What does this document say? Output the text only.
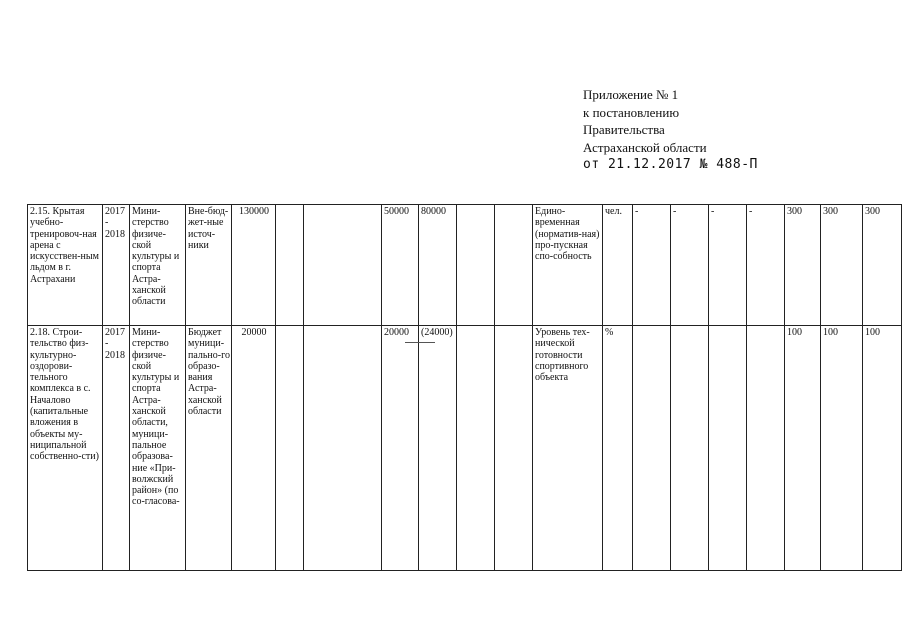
Приложение № 1
к постановлению
Правительства
Астраханской области
от 21.12.2017 № 488-П
2.15. Крытая учебно-тренировоч-ная арена с искусствен-ным льдом в г. Астрахани	2017 - 2018	Мини-стерство физиче-ской культуры и спорта Астра-ханской области	Вне-бюд-жет-ные источ-ники	130000			50000	80000			Едино-временная (норматив-ная) про-пускная спо-собность	чел.	-	-	-	-	300	300	300
2.18. Строи-тельство физ-культурно-оздорови-тельного комплекса в с. Началово (капитальные вложения в объекты му-ниципальной собственно-сти)	2017 - 2018	Мини-стерство физиче-ской культуры и спорта Астра-ханской области, муници-пальное образова-ние «При-волжский район» (по со-гласова-	Бюджет муници-пально-го образо-вания Астра-ханской области	20000			20000	(24000)			Уровень тех-нической готовности спортивного объекта	%					100	100	100
